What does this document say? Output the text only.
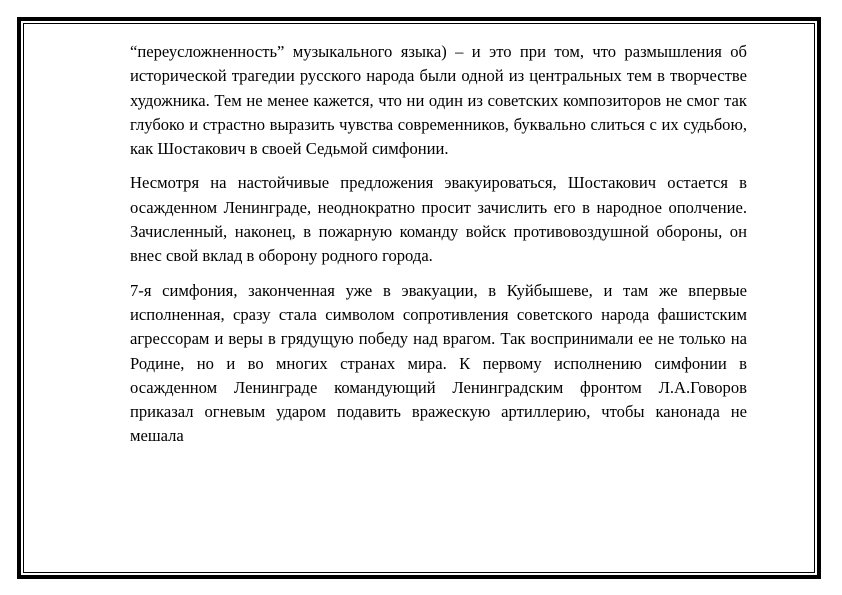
“переусложненность” музыкального языка) – и это при том, что размышления об исторической трагедии русского народа были одной из центральных тем в творчестве художника. Тем не менее кажется, что ни один из советских композиторов не смог так глубоко и страстно выразить чувства современников, буквально слиться с их судьбою, как Шостакович в своей Седьмой симфонии.

Несмотря на настойчивые предложения эвакуироваться, Шостакович остается в осажденном Ленинграде, неоднократно просит зачислить его в народное ополчение. Зачисленный, наконец, в пожарную команду войск противовоздушной обороны, он внес свой вклад в оборону родного города.

7-я симфония, законченная уже в эвакуации, в Куйбышеве, и там же впервые исполненная, сразу стала символом сопротивления советского народа фашистским агрессорам и веры в грядущую победу над врагом. Так воспринимали ее не только на Родине, но и во многих странах мира. К первому исполнению симфонии в осажденном Ленинграде командующий Ленинградским фронтом Л.А.Говоров приказал огневым ударом подавить вражескую артиллерию, чтобы канонада не мешала
